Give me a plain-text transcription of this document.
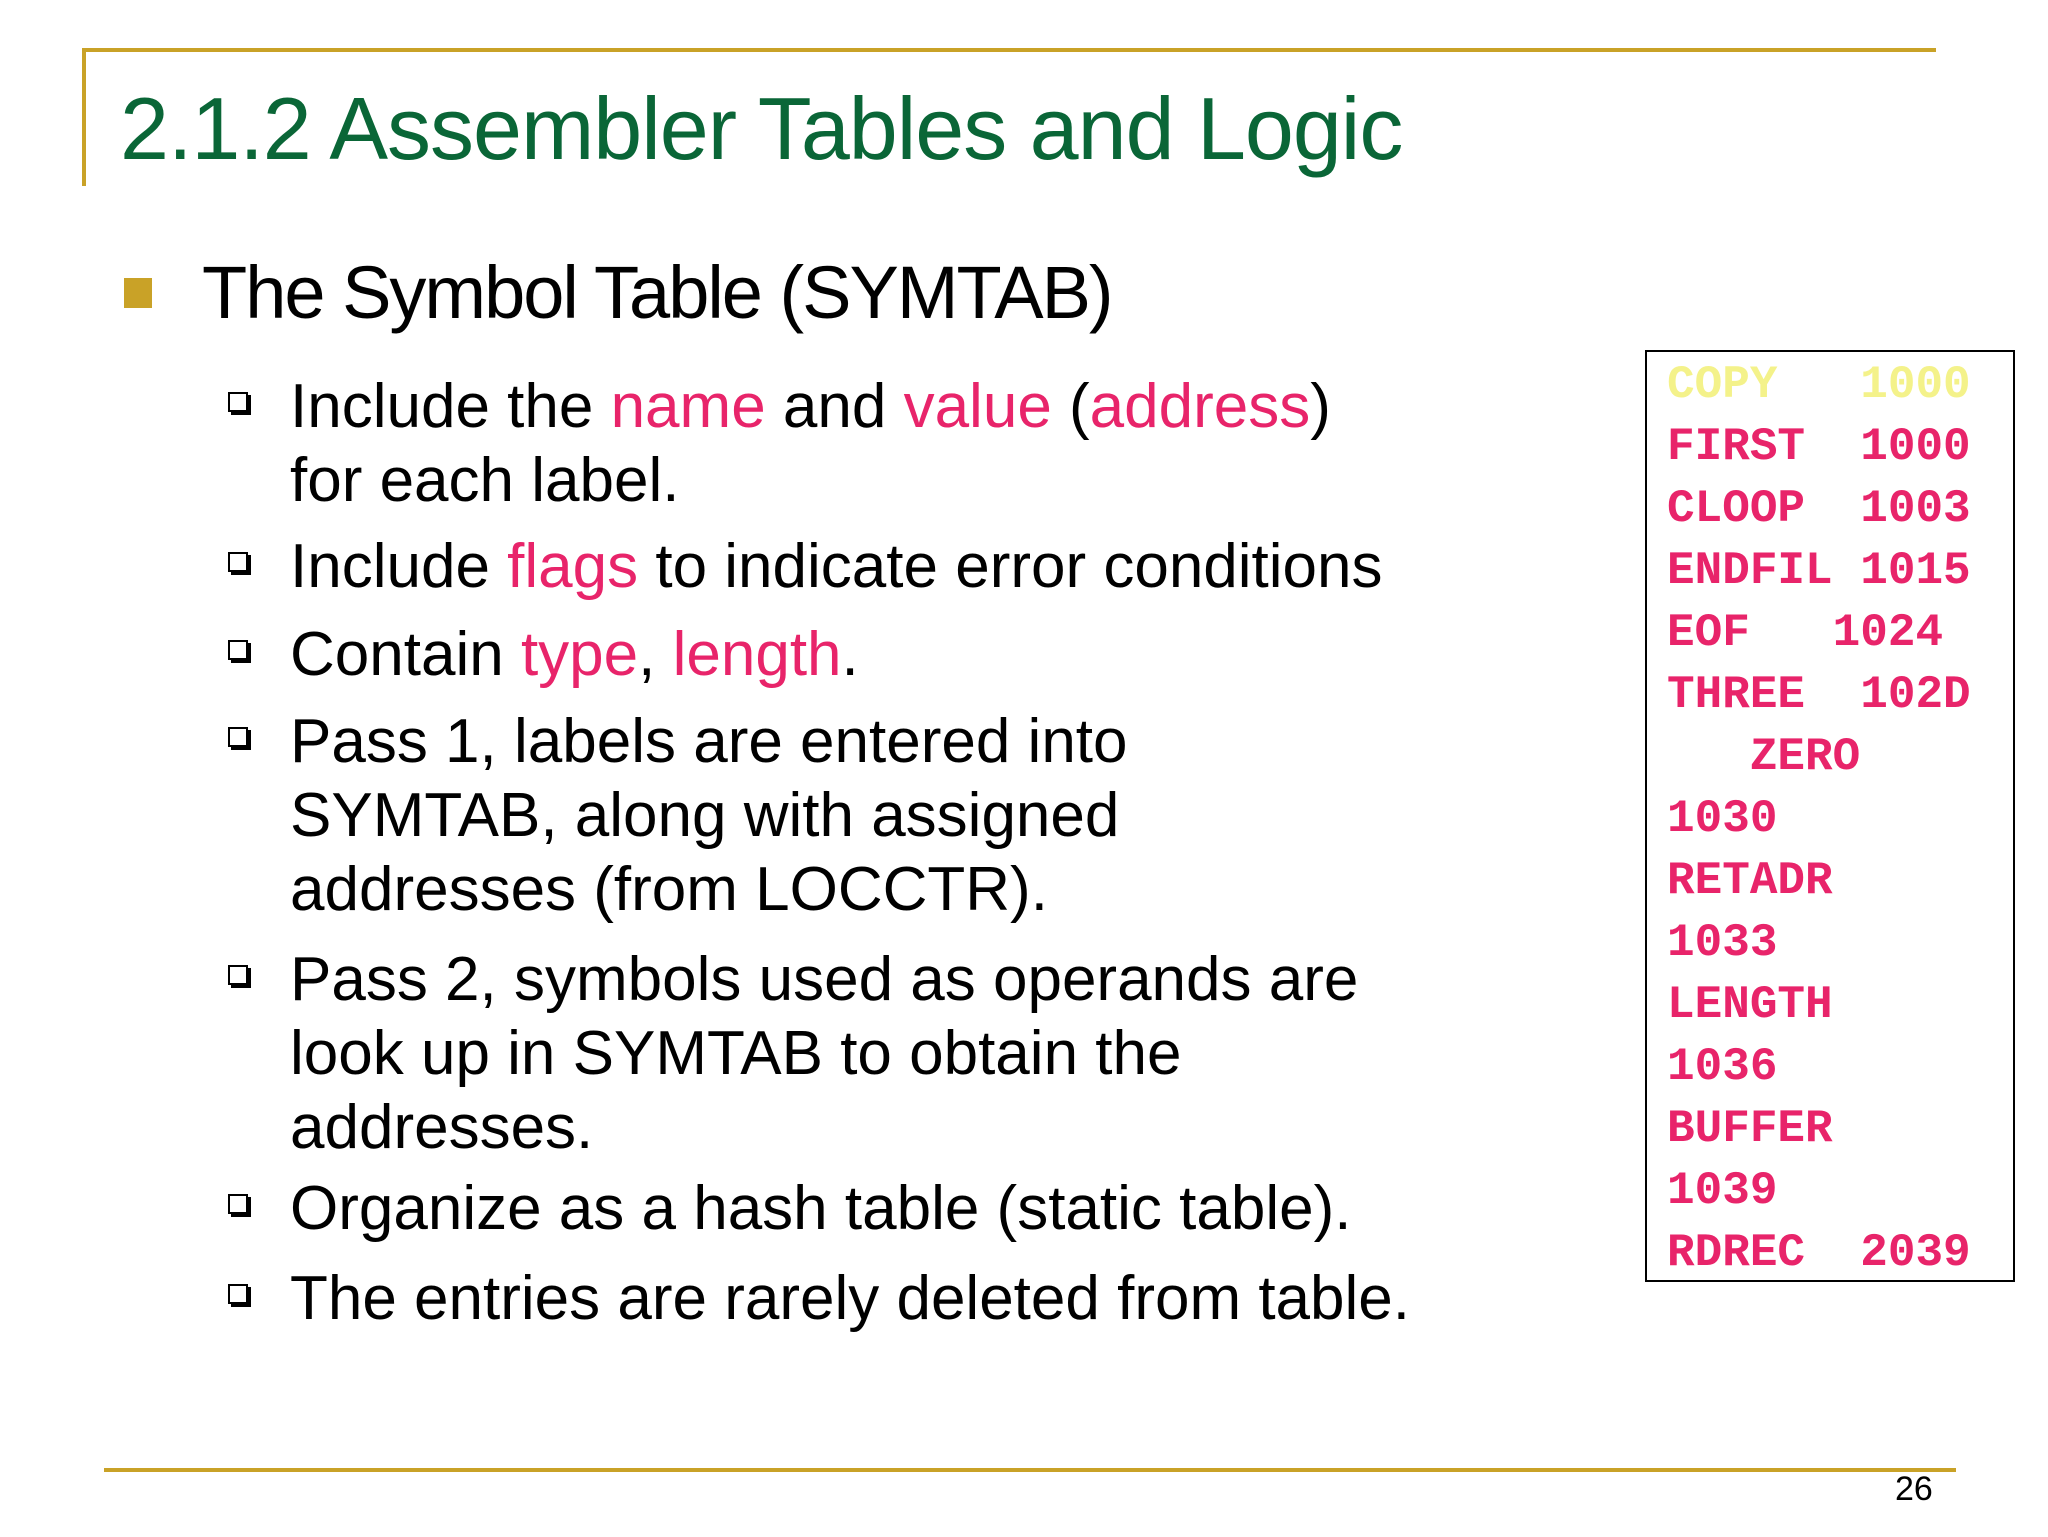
2.1.2 Assembler Tables and Logic
The Symbol Table (SYMTAB)
Include the name and value (address)
for each label.
Include flags to indicate error conditions
Contain type, length.
Pass 1, labels are entered into
SYMTAB, along with assigned
addresses (from LOCCTR).
Pass 2, symbols used as operands are
look up in SYMTAB to obtain the
addresses.
Organize as a hash table (static table).
The entries are rarely deleted from table.
COPY   1000
FIRST  1000
CLOOP  1003
ENDFIL 1015
EOF   1024
THREE  102D
ZERO
1030
RETADR
1033
LENGTH
1036
BUFFER
1039
RDREC  2039
26
